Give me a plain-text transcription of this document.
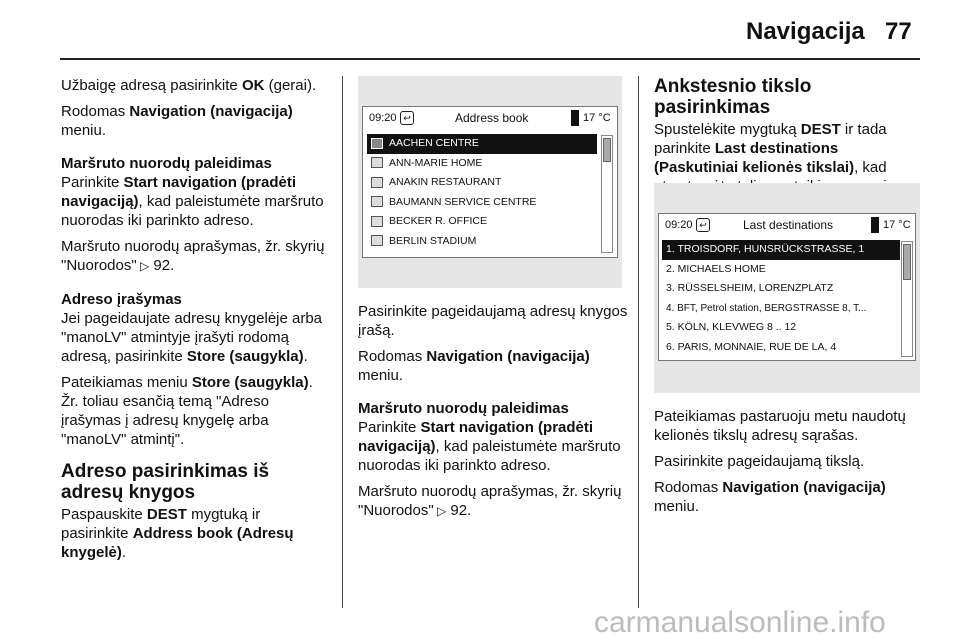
Navigacija 77

Užbaigę adresą pasirinkite OK (gerai).

Rodomas Navigation (navigacija) meniu.

Maršruto nuorodų paleidimas

Parinkite Start navigation (pradėti navigaciją), kad paleistumėte maršruto nuorodas iki parinkto adreso.

Maršruto nuorodų aprašymas, žr. skyrių "Nuorodos" ▷ 92.

Adreso įrašymas

Jei pageidaujate adresų knygelėje arba "manoLV" atmintyje įrašyti rodomą adresą, pasirinkite Store (saugykla).

Pateikiamas meniu Store (saugykla). Žr. toliau esančią temą "Adreso įrašymas į adresų knygelę arba "manoLV" atmintį".

Adreso pasirinkimas iš adresų knygos

Paspauskite DEST mygtuką ir pasirinkite Address book (Adresų knygelė).

09:20 ↩	Address book	17 °C
AACHEN CENTRE
ANN-MARIE HOME
ANAKIN RESTAURANT
BAUMANN SERVICE CENTRE
BECKER R. OFFICE
BERLIN STADIUM

Pasirinkite pageidaujamą adresų knygos įrašą.

Rodomas Navigation (navigacija) meniu.

Maršruto nuorodų paleidimas

Parinkite Start navigation (pradėti navigaciją), kad paleistumėte maršruto nuorodas iki parinkto adreso.

Maršruto nuorodų aprašymas, žr. skyrių "Nuorodos" ▷ 92.

Ankstesnio tikslo pasirinkimas

Spustelėkite mygtuką DEST ir tada parinkite Last destinations (Paskutiniai kelionės tikslai), kad

09:20 ↩	Last destinations	17 °C
1. TROISDORF, HUNSRÜCKSTRASSE, 1
2. MICHAELS HOME
3. RÜSSELSHEIM, LORENZPLATZ
4. BFT, Petrol station, BERGSTRASSE 8, T...
5. KÖLN, KLEVWEG 8 .. 12
6. PARIS, MONNAIE, RUE DE LA, 4

Pateikiamas pastaruoju metu naudotų kelionės tikslų adresų sąrašas.

Pasirinkite pageidaujamą tikslą.

Rodomas Navigation (navigacija) meniu.

carmanualsonline.info
